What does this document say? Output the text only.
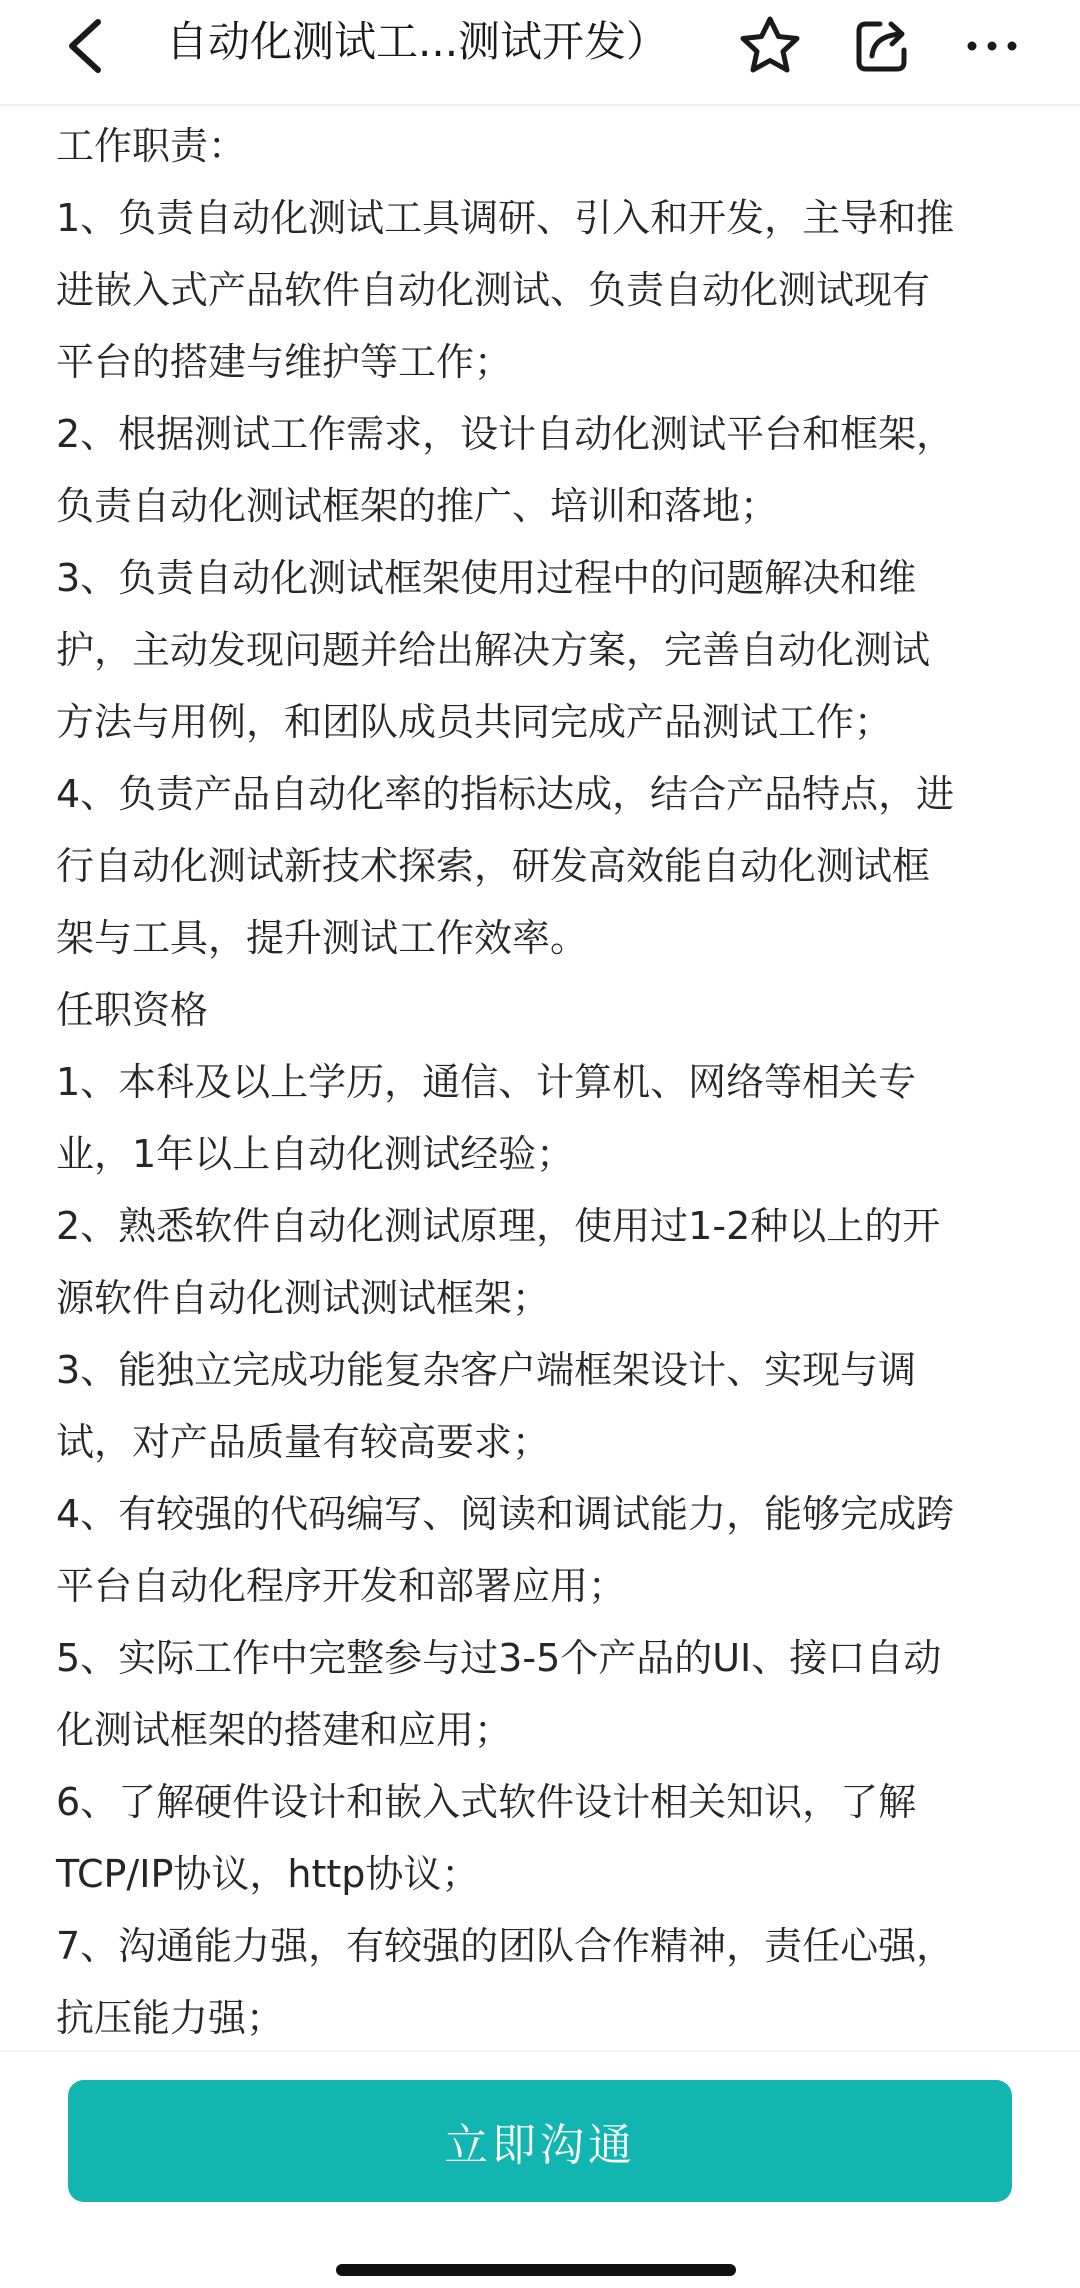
自动化测试工...测试开发）
工作职责：
1、负责自动化测试工具调研、引入和开发，主导和推
进嵌入式产品软件自动化测试、负责自动化测试现有
平台的搭建与维护等工作；
2、根据测试工作需求，设计自动化测试平台和框架，
负责自动化测试框架的推广、培训和落地；
3、负责自动化测试框架使用过程中的问题解决和维
护，主动发现问题并给出解决方案，完善自动化测试
方法与用例，和团队成员共同完成产品测试工作；
4、负责产品自动化率的指标达成，结合产品特点，进
行自动化测试新技术探索，研发高效能自动化测试框
架与工具，提升测试工作效率。
任职资格
1、本科及以上学历，通信、计算机、网络等相关专
业，1年以上自动化测试经验；
2、熟悉软件自动化测试原理，使用过1-2种以上的开
源软件自动化测试测试框架；
3、能独立完成功能复杂客户端框架设计、实现与调
试，对产品质量有较高要求；
4、有较强的代码编写、阅读和调试能力，能够完成跨
平台自动化程序开发和部署应用；
5、实际工作中完整参与过3-5个产品的UI、接口自动
化测试框架的搭建和应用；
6、了解硬件设计和嵌入式软件设计相关知识，了解
TCP/IP协议，http协议；
7、沟通能力强，有较强的团队合作精神，责任心强，
抗压能力强；
立即沟通
